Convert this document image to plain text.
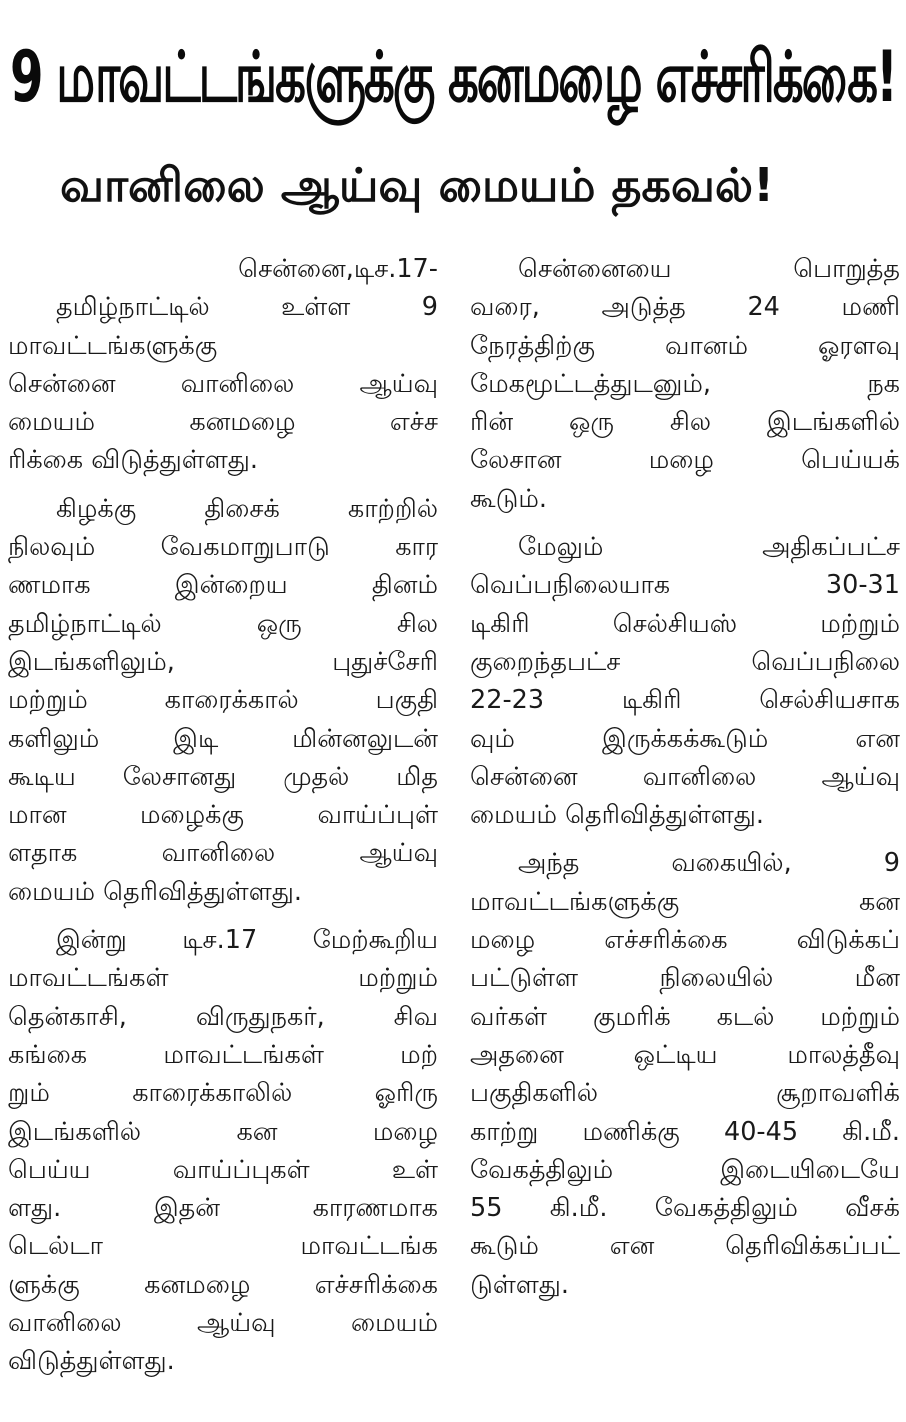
9 மாவட்டங்களுக்கு கனமழை எச்சரிக்கை!
வானிலை ஆய்வு மையம் தகவல்!
சென்னை,டிச.17-
தமிழ்நாட்டில் உள்ள 9
மாவட்டங்களுக்கு
சென்னை வானிலை ஆய்வு
மையம் கனமழை எச்ச
ரிக்கை விடுத்துள்ளது.
கிழக்கு திசைக் காற்றில்
நிலவும் வேகமாறுபாடு கார
ணமாக இன்றைய தினம்
தமிழ்நாட்டில் ஒரு சில
இடங்களிலும், புதுச்சேரி
மற்றும் காரைக்கால் பகுதி
களிலும் இடி மின்னலுடன்
கூடிய லேசானது முதல் மித
மான மழைக்கு வாய்ப்புள்
ளதாக வானிலை ஆய்வு
மையம் தெரிவித்துள்ளது.
இன்று டிச.17 மேற்கூறிய
மாவட்டங்கள் மற்றும்
தென்காசி, விருதுநகர், சிவ
கங்கை மாவட்டங்கள் மற்
றும் காரைக்காலில் ஓரிரு
இடங்களில் கன மழை
பெய்ய வாய்ப்புகள் உள்
ளது. இதன் காரணமாக
டெல்டா மாவட்டங்க
ளுக்கு கனமழை எச்சரிக்கை
வானிலை ஆய்வு மையம்
விடுத்துள்ளது.
சென்னையை பொறுத்த
வரை, அடுத்த 24 மணி
நேரத்திற்கு வானம் ஓரளவு
மேகமூட்டத்துடனும், நக
ரின் ஒரு சில இடங்களில்
லேசான மழை பெய்யக்
கூடும்.
மேலும் அதிகப்பட்ச
வெப்பநிலையாக 30-31
டிகிரி செல்சியஸ் மற்றும்
குறைந்தபட்ச வெப்பநிலை
22-23 டிகிரி செல்சியசாக
வும் இருக்கக்கூடும் என
சென்னை வானிலை ஆய்வு
மையம் தெரிவித்துள்ளது.
அந்த வகையில், 9
மாவட்டங்களுக்கு கன
மழை எச்சரிக்கை விடுக்கப்
பட்டுள்ள நிலையில் மீன
வர்கள் குமரிக் கடல் மற்றும்
அதனை ஒட்டிய மாலத்தீவு
பகுதிகளில் சூறாவளிக்
காற்று மணிக்கு 40-45 கி.மீ.
வேகத்திலும் இடையிடையே
55 கி.மீ. வேகத்திலும் வீசக்
கூடும் என தெரிவிக்கப்பட்
டுள்ளது.
